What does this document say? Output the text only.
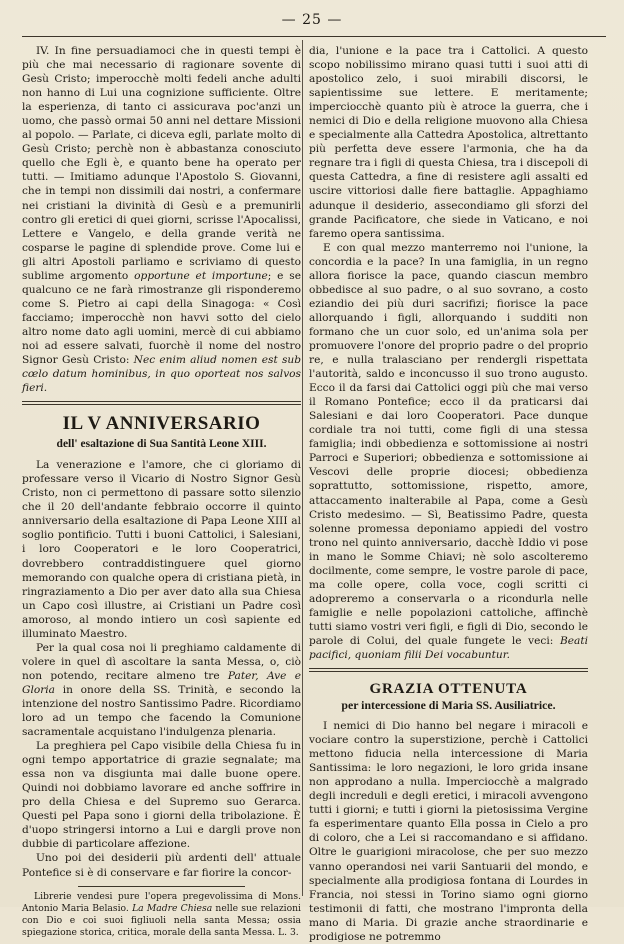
— 25 —

IV. In fine persuadiamoci che in questi tempi è più che mai necessario di ragionare sovente di Gesù Cristo; imperocchè molti fedeli anche adulti non hanno di Lui una cognizione sufficiente. Oltre la esperienza, di tanto ci assicurava poc'anzi un uomo, che passò ormai 50 anni nel dettare Missioni al popolo. — Parlate, ci diceva egli, parlate molto di Gesù Cristo; perchè non è abbastanza conosciuto quello che Egli è, e quanto bene ha operato per tutti. — Imitiamo adunque l'Apostolo S. Giovanni, che in tempi non dissimili dai nostri, a confermare nei cristiani la divinità di Gesù e a premunirli contro gli eretici di quei giorni, scrisse l'Apocalissi, Lettere e Vangelo, e della grande verità ne cosparse le pagine di splendide prove. Come lui e gli altri Apostoli parliamo e scriviamo di questo sublime argomento opportune et importune; e se qualcuno ce ne farà rimostranze gli risponderemo come S. Pietro ai capi della Sinagoga: « Così facciamo; imperocchè non havvi sotto del cielo altro nome dato agli uomini, mercè di cui abbiamo noi ad essere salvati, fuorchè il nome del nostro Signor Gesù Cristo: Nec enim aliud nomen est sub cœlo datum hominibus, in quo oporteat nos salvos fieri.

IL V ANNIVERSARIO
dell' esaltazione di Sua Santità Leone XIII.

La venerazione e l'amore, che ci gloriamo di professare verso il Vicario di Nostro Signor Gesù Cristo, non ci permettono di passare sotto silenzio che il 20 dell'andante febbraio occorre il quinto anniversario della esaltazione di Papa Leone XIII al soglio pontificio. Tutti i buoni Cattolici, i Salesiani, i loro Cooperatori e le loro Cooperatrici, dovrebbero contraddistinguere quel giorno memorando con qualche opera di cristiana pietà, in ringraziamento a Dio per aver dato alla sua Chiesa un Capo così illustre, ai Cristiani un Padre così amoroso, al mondo intiero un così sapiente ed illuminato Maestro.

Per la qual cosa noi li preghiamo caldamente di volere in quel dì ascoltare la santa Messa, o, ciò non potendo, recitare almeno tre Pater, Ave e Gloria in onore della SS. Trinità, e secondo la intenzione del nostro Santissimo Padre. Ricordiamo loro ad un tempo che facendo la Comunione sacramentale acquistano l'indulgenza plenaria.

La preghiera pel Capo visibile della Chiesa fu in ogni tempo apportatrice di grazie segnalate; ma essa non va disgiunta mai dalle buone opere. Quindi noi dobbiamo lavorare ed anche soffrire in pro della Chiesa e del Supremo suo Gerarca. Questi pel Papa sono i giorni della tribolazione. È d'uopo stringersi intorno a Lui e dargli prove non dubbie di particolare affezione.

Uno poi dei desiderii più ardenti dell' attuale Pontefice si è di conservare e far fiorire la concor-

Librerie vendesi pure l'opera pregevolissima di Mons. Antonio Maria Belasio. La Madre Chiesa nelle sue relazioni con Dio e coi suoi figliuoli nella santa Messa; ossia spiegazione storica, critica, morale della santa Messa. L. 3.

dia, l'unione e la pace tra i Cattolici. A questo scopo nobilissimo mirano quasi tutti i suoi atti di apostolico zelo, i suoi mirabili discorsi, le sapientissime sue lettere. E meritamente; imperciocchè quanto più è atroce la guerra, che i nemici di Dio e della religione muovono alla Chiesa e specialmente alla Cattedra Apostolica, altrettanto più perfetta deve essere l'armonia, che ha da regnare tra i figli di questa Chiesa, tra i discepoli di questa Cattedra, a fine di resistere agli assalti ed uscire vittoriosi dalle fiere battaglie. Appaghiamo adunque il desiderio, assecondiamo gli sforzi del grande Pacificatore, che siede in Vaticano, e noi faremo opera santissima.

E con qual mezzo manterremo noi l'unione, la concordia e la pace? In una famiglia, in un regno allora fiorisce la pace, quando ciascun membro obbedisce al suo padre, o al suo sovrano, a costo eziandio dei più duri sacrifizi; fiorisce la pace allorquando i figli, allorquando i sudditi non formano che un cuor solo, ed un'anima sola per promuovere l'onore del proprio padre o del proprio re, e nulla tralasciano per rendergli rispettata l'autorità, saldo e inconcusso il suo trono augusto. Ecco il da farsi dai Cattolici oggi più che mai verso il Romano Pontefice; ecco il da praticarsi dai Salesiani e dai loro Cooperatori. Pace dunque cordiale tra noi tutti, come figli di una stessa famiglia; indi obbedienza e sottomissione ai nostri Parroci e Superiori; obbedienza e sottomissione ai Vescovi delle proprie diocesi; obbedienza soprattutto, sottomissione, rispetto, amore, attaccamento inalterabile al Papa, come a Gesù Cristo medesimo. — Sì, Beatissimo Padre, questa solenne promessa deponiamo appiedi del vostro trono nel quinto anniversario, dacchè Iddio vi pose in mano le Somme Chiavi; nè solo ascolteremo docilmente, come sempre, le vostre parole di pace, ma colle opere, colla voce, cogli scritti ci adopreremo a conservarla o a ricondurla nelle famiglie e nelle popolazioni cattoliche, affinchè tutti siamo vostri veri figli, e figli di Dio, secondo le parole di Colui, del quale fungete le veci: Beati pacifici, quoniam filii Dei vocabuntur.

GRAZIA OTTENUTA
per intercessione di Maria SS. Ausiliatrice.

I nemici di Dio hanno bel negare i miracoli e vociare contro la superstizione, perchè i Cattolici mettono fiducia nella intercessione di Maria Santissima: le loro negazioni, le loro grida insane non approdano a nulla. Imperciocchè a malgrado degli increduli e degli eretici, i miracoli avvengono tutti i giorni; e tutti i giorni la pietosissima Vergine fa esperimentare quanto Ella possa in Cielo a pro di coloro, che a Lei si raccomandano e si affidano. Oltre le guarigioni miracolose, che per suo mezzo vanno operandosi nei varii Santuarii del mondo, e specialmente alla prodigiosa fontana di Lourdes in Francia, noi stessi in Torino siamo ogni giorno testimonii di fatti, che mostrano l'impronta della mano di Maria. Di grazie anche straordinarie e prodigiose ne potremmo
